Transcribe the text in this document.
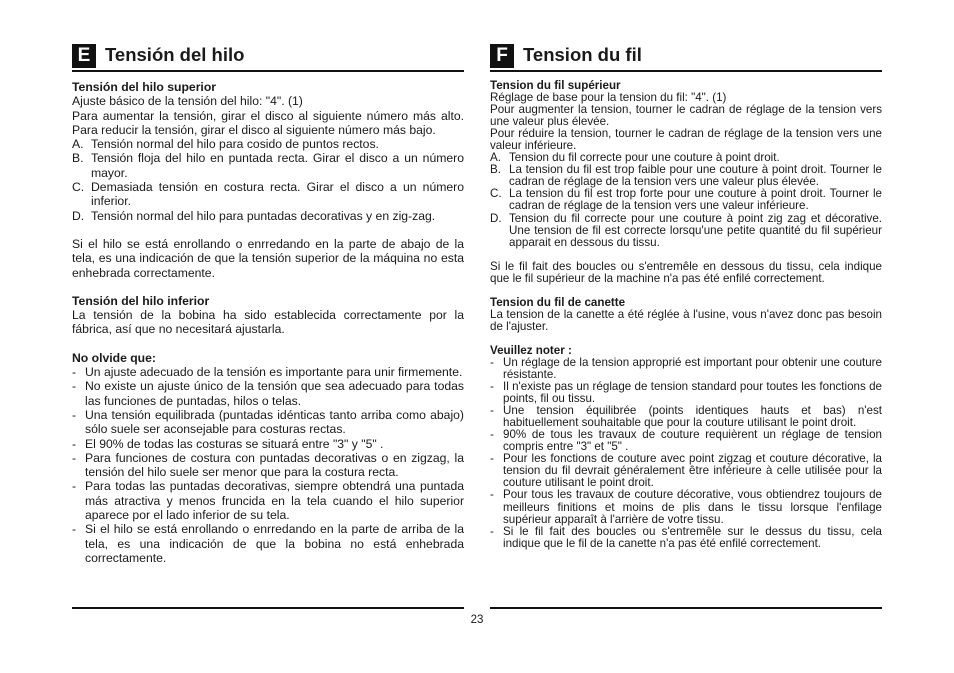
E Tensión del hilo

Tensión del hilo superior

Ajuste básico de la tensión del hilo: "4". (1)

Para aumentar la tensión, girar el disco al siguiente número más alto. Para reducir la tensión, girar el disco al siguiente número más bajo.

A. Tensión normal del hilo para cosido de puntos rectos.
B. Tensión floja del hilo en puntada recta. Girar el disco a un número mayor.
C. Demasiada tensión en costura recta. Girar el disco a un número inferior.
D. Tensión normal del hilo para puntadas decorativas y en zig-zag.

Si el hilo se está enrollando o enrredando en la parte de abajo de la tela, es una indicación de que la tensión superior de la máquina no esta enhebrada correctamente.

Tensión del hilo inferior

La tensión de la bobina ha sido establecida correctamente por la fábrica, así que no necesitará ajustarla.

No olvide que:

- Un ajuste adecuado de la tensión es importante para unir firmemente.
- No existe un ajuste único de la tensión que sea adecuado para todas las funciones de puntadas, hilos o telas.
- Una tensión equilibrada (puntadas idénticas tanto arriba como abajo) sólo suele ser aconsejable para costuras rectas.
- El 90% de todas las costuras se situará entre "3" y "5" .
- Para funciones de costura con puntadas decorativas o en zigzag, la tensión del hilo suele ser menor que para la costura recta.
- Para todas las puntadas decorativas, siempre obtendrá una puntada más atractiva y menos fruncida en la tela cuando el hilo superior aparece por el lado inferior de su tela.
- Si el hilo se está enrollando o enrredando en la parte de arriba de la tela, es una indicación de que la bobina no está enhebrada correctamente.
F Tension du fil

Tension du fil supérieur

Réglage de base pour la tension du fil: "4". (1)

Pour augmenter la tension, tourner le cadran de réglage de la tension vers une valeur plus élevée.

Pour réduire la tension, tourner le cadran de réglage de la tension vers une valeur inférieure.

A. Tension du fil correcte pour une couture à point droit.
B. La tension du fil est trop faible pour une couture à point droit. Tourner le cadran de réglage de la tension vers une valeur plus élevée.
C. La tension du fil est trop forte pour une couture à point droit. Tourner le cadran de réglage de la tension vers une valeur inférieure.
D. Tension du fil correcte pour une couture à point zig zag et décorative. Une tension de fil est correcte lorsqu'une petite quantité du fil supérieur apparait en dessous du tissu.

Si le fil fait des boucles ou s'entremêle en dessous du tissu, cela indique que le fil supérieur de la machine n'a pas été enfilé correctement.

Tension du fil de canette

La tension de la canette a été réglée à l'usine, vous n'avez donc pas besoin de l'ajuster.

Veuillez noter :

- Un réglage de la tension approprié est important pour obtenir une couture résistante.
- Il n'existe pas un réglage de tension standard pour toutes les fonctions de points, fil ou tissu.
- Une tension équilibrée (points identiques hauts et bas) n'est habituellement souhaitable que pour la couture utilisant le point droit.
- 90% de tous les travaux de couture requièrent un réglage de tension compris entre "3" et "5" .
- Pour les fonctions de couture avec point zigzag et couture décorative, la tension du fil devrait généralement être inférieure à celle utilisée pour la couture utilisant le point droit.
- Pour tous les travaux de couture décorative, vous obtiendrez toujours de meilleurs finitions et moins de plis dans le tissu lorsque l'enfilage supérieur apparaît à l'arrière de votre tissu.
- Si le fil fait des boucles ou s'entremêle sur le dessus du tissu, cela indique que le fil de la canette n'a pas été enfilé correctement.
23
